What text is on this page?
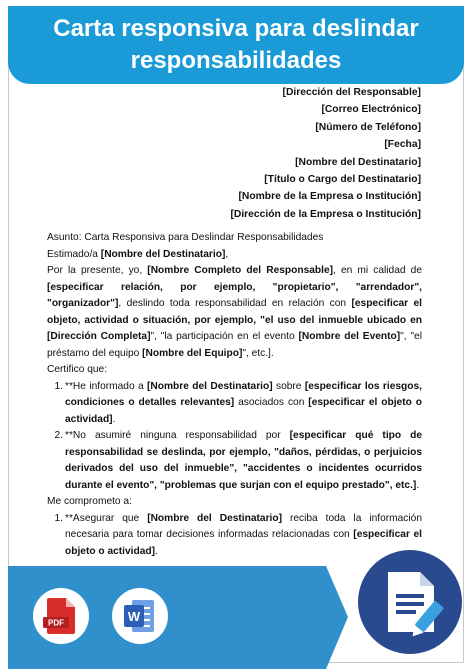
Carta responsiva para deslindar responsabilidades
[Dirección del Responsable]
[Correo Electrónico]
[Número de Teléfono]
[Fecha]
[Nombre del Destinatario]
[Título o Cargo del Destinatario]
[Nombre de la Empresa o Institución]
[Dirección de la Empresa o Institución]

Asunto: Carta Responsiva para Deslindar Responsabilidades

Estimado/a [Nombre del Destinatario],

Por la presente, yo, [Nombre Completo del Responsable], en mi calidad de [especificar relación, por ejemplo, "propietario", "arrendador", "organizador"], deslindo toda responsabilidad en relación con [especificar el objeto, actividad o situación, por ejemplo, "el uso del inmueble ubicado en [Dirección Completa]", "la participación en el evento [Nombre del Evento]", "el préstamo del equipo [Nombre del Equipo]", etc.].

Certifico que:

1. **He informado a [Nombre del Destinatario] sobre [especificar los riesgos, condiciones o detalles relevantes] asociados con [especificar el objeto o actividad].
2. **No asumiré ninguna responsabilidad por [especificar qué tipo de responsabilidad se deslinda, por ejemplo, "daños, pérdidas, o perjuicios derivados del uso del inmueble", "accidentes o incidentes ocurridos durante el evento", "problemas que surjan con el equipo prestado", etc.].

Me comprometo a:

1. **Asegurar que [Nombre del Destinatario] reciba toda la información necesaria para tomar decisiones informadas relacionadas con [especificar el objeto o actividad].
PDF	W
